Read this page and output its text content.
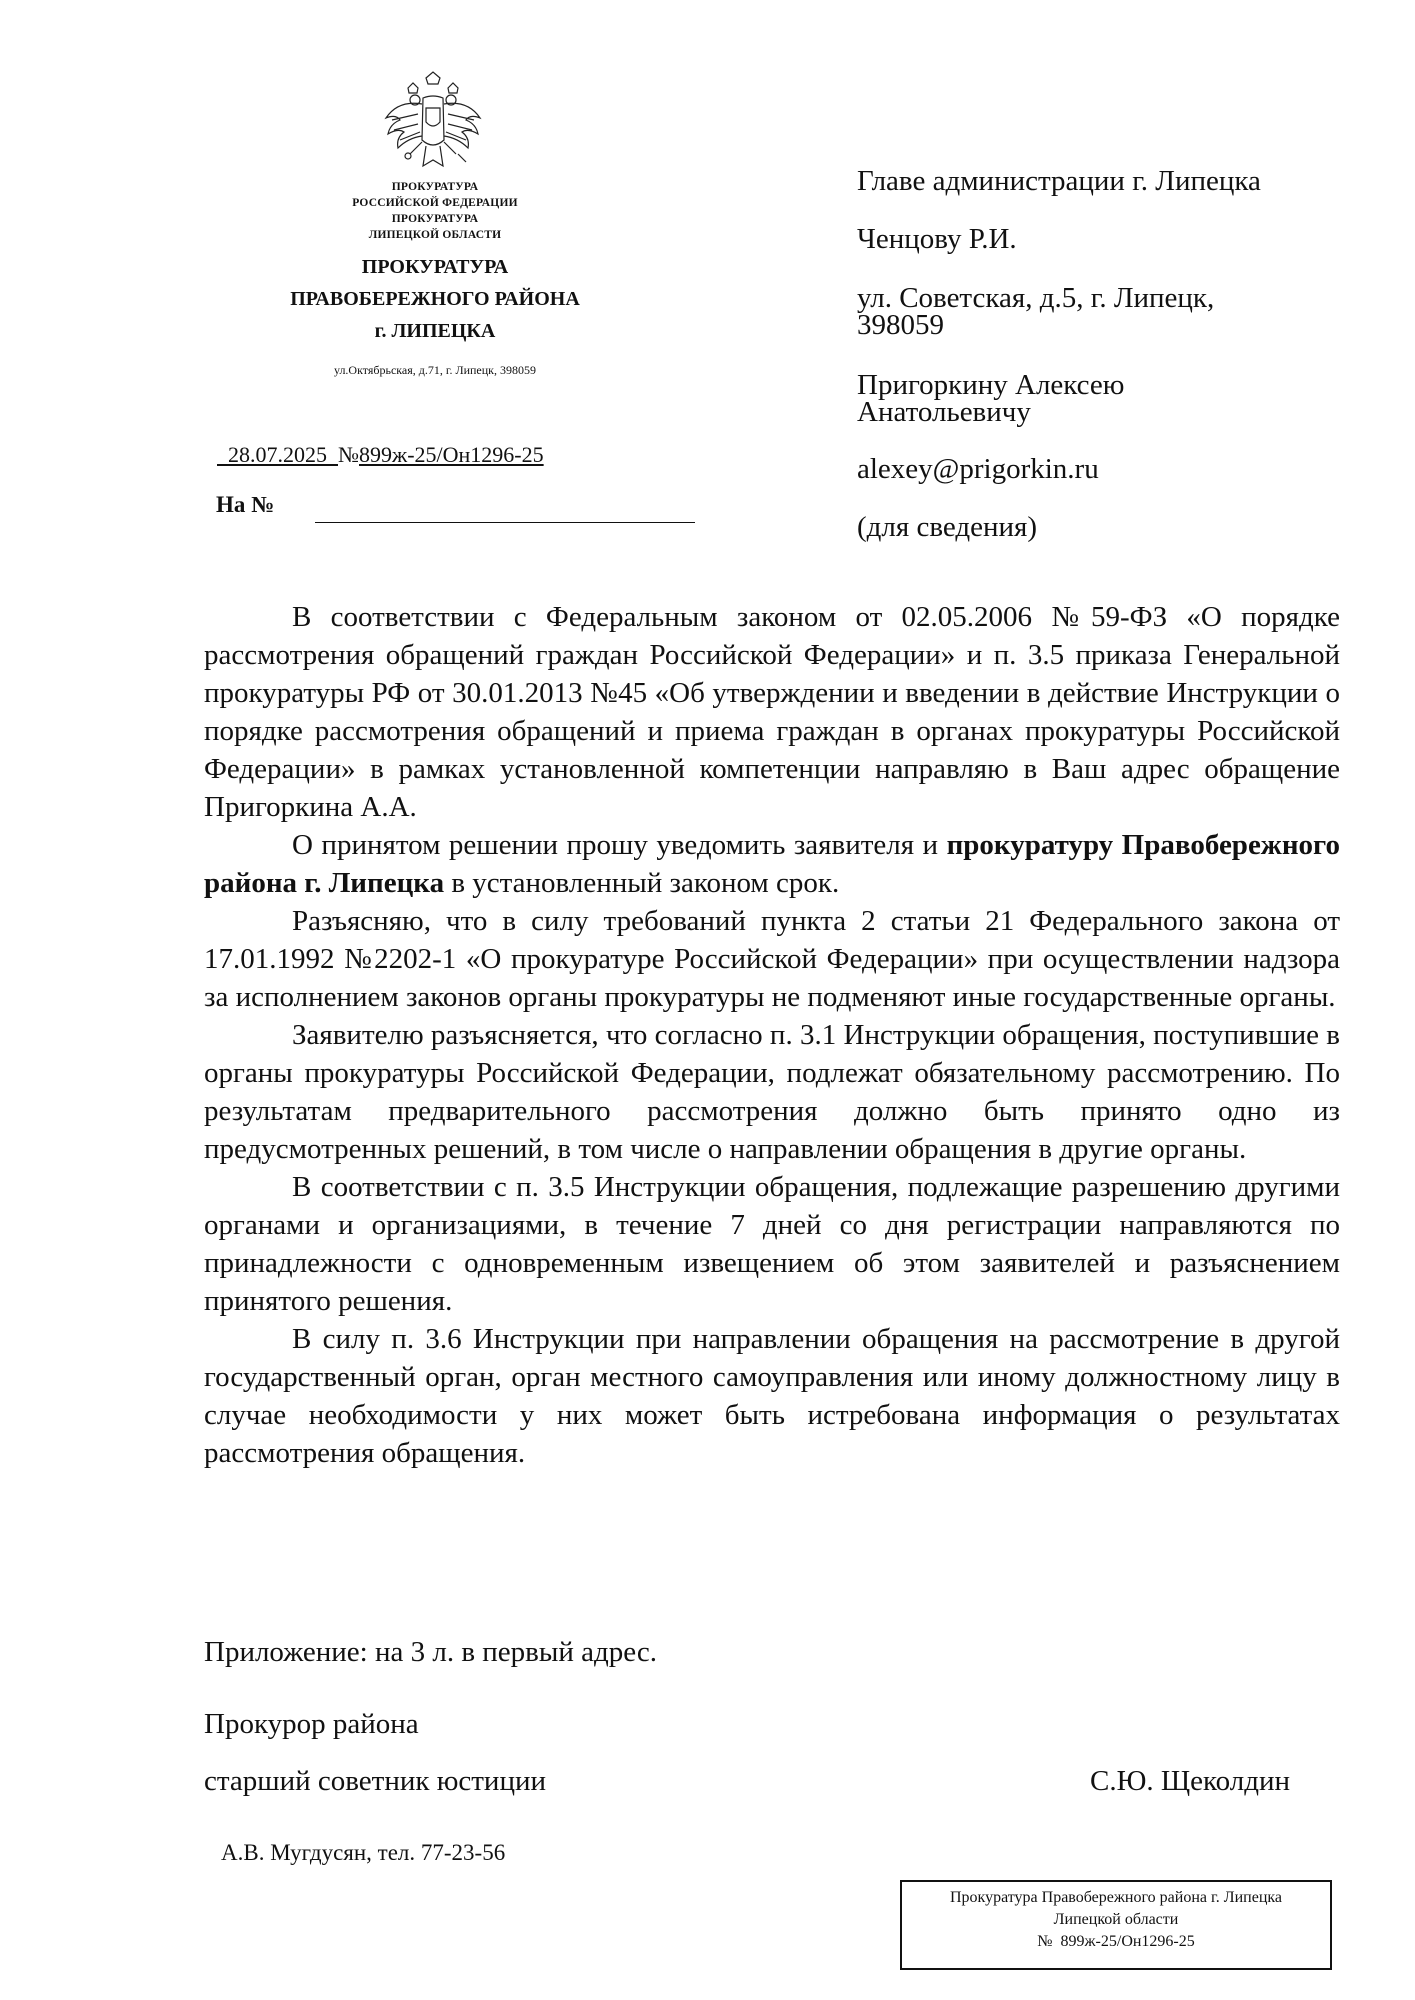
ПРОКУРАТУРА
РОССИЙСКОЙ ФЕДЕРАЦИИ
ПРОКУРАТУРА
ЛИПЕЦКОЙ ОБЛАСТИ
ПРОКУРАТУРА
ПРАВОБЕРЕЖНОГО РАЙОНА
г. ЛИПЕЦКА
ул.Октябрьская, д.71, г. Липецк, 398059
28.07.2025 №899ж-25/Он1296-25
На №
Главе администрации г. Липецка
Ченцову Р.И.
ул. Советская, д.5, г. Липецк,
398059
Пригоркину Алексею
Анатольевичу
alexey@prigorkin.ru
(для сведения)

В соответствии с Федеральным законом от 02.05.2006 №59-ФЗ «О порядке рассмотрения обращений граждан Российской Федерации» и п. 3.5 приказа Генеральной прокуратуры РФ от 30.01.2013 №45 «Об утверждении и введении в действие Инструкции о порядке рассмотрения обращений и приема граждан в органах прокуратуры Российской Федерации» в рамках установленной компетенции направляю в Ваш адрес обращение Пригоркина А.А.

О принятом решении прошу уведомить заявителя и прокуратуру Правобережного района г. Липецка в установленный законом срок.

Разъясняю, что в силу требований пункта 2 статьи 21 Федерального закона от 17.01.1992 №2202-1 «О прокуратуре Российской Федерации» при осуществлении надзора за исполнением законов органы прокуратуры не подменяют иные государственные органы.

Заявителю разъясняется, что согласно п. 3.1 Инструкции обращения, поступившие в органы прокуратуры Российской Федерации, подлежат обязательному рассмотрению. По результатам предварительного рассмотрения должно быть принято одно из предусмотренных решений, в том числе о направлении обращения в другие органы.

В соответствии с п. 3.5 Инструкции обращения, подлежащие разрешению другими органами и организациями, в течение 7 дней со дня регистрации направляются по принадлежности с одновременным извещением об этом заявителей и разъяснением принятого решения.

В силу п. 3.6 Инструкции при направлении обращения на рассмотрение в другой государственный орган, орган местного самоуправления или иному должностному лицу в случае необходимости у них может быть истребована информация о результатах рассмотрения обращения.

Приложение: на 3 л. в первый адрес.
Прокурор района
старший советник юстиции	С.Ю. Щеколдин
А.В. Мугдусян, тел. 77-23-56
Прокуратура Правобережного района г. Липецка
Липецкой области
№ 899ж-25/Он1296-25
